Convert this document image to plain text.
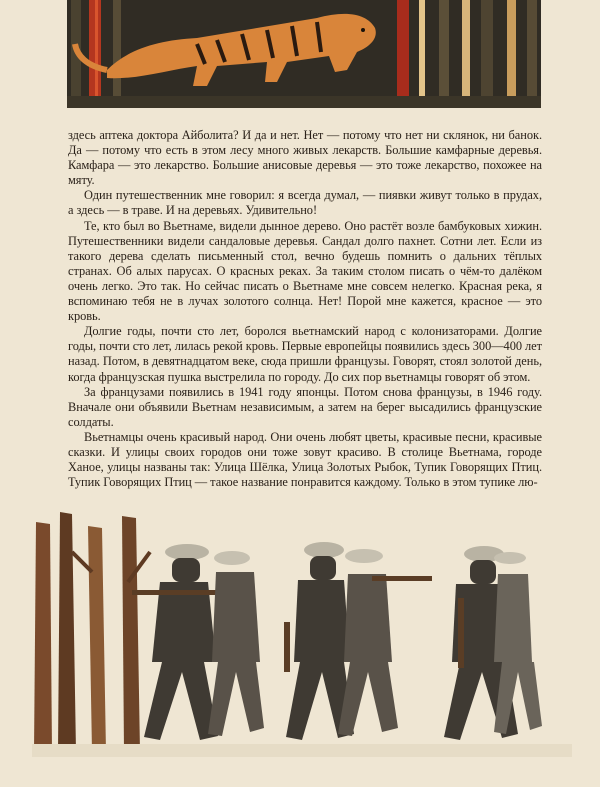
здесь аптека доктора Айболита? И да и нет. Нет — потому что нет ни склянок, ни банок. Да — потому что есть в этом лесу много живых лекарств. Большие камфарные деревья. Камфара — это лекарство. Большие анисовые деревья — это тоже лекарство, похожее на мяту.

Один путешественник мне говорил: я всегда думал, — пиявки живут только в прудах, а здесь — в траве. И на деревьях. Удивительно!

Те, кто был во Вьетнаме, видели дынное дерево. Оно растёт возле бамбуковых хижин. Путешественники видели сандаловые деревья. Сандал долго пахнет. Сотни лет. Если из такого дерева сделать письменный стол, вечно будешь помнить о дальних тёплых странах. Об алых парусах. О красных реках. За таким столом писать о чём-то далёком очень легко. Это так. Но сейчас писать о Вьетнаме мне совсем нелегко. Красная река, я вспоминаю тебя не в лучах золотого солнца. Нет! Порой мне кажется, красное — это кровь.

Долгие годы, почти сто лет, боролся вьетнамский народ с колонизаторами. Долгие годы, почти сто лет, лилась рекой кровь. Первые европейцы появились здесь 300—400 лет назад. Потом, в девятнадцатом веке, сюда пришли французы. Говорят, стоял золотой день, когда французская пушка выстрелила по городу. До сих пор вьетнамцы говорят об этом.

За французами появились в 1941 году японцы. Потом снова французы, в 1946 году. Вначале они объявили Вьетнам независимым, а затем на берег высадились французские солдаты.

Вьетнамцы очень красивый народ. Они очень любят цветы, красивые песни, красивые сказки. И улицы своих городов они тоже зовут красиво. В столице Вьетнама, городе Ханое, улицы названы так: Улица Шёлка, Улица Золотых Рыбок, Тупик Говорящих Птиц. Тупик Говорящих Птиц — такое название понравится каждому. Только в этом тупике лю-
